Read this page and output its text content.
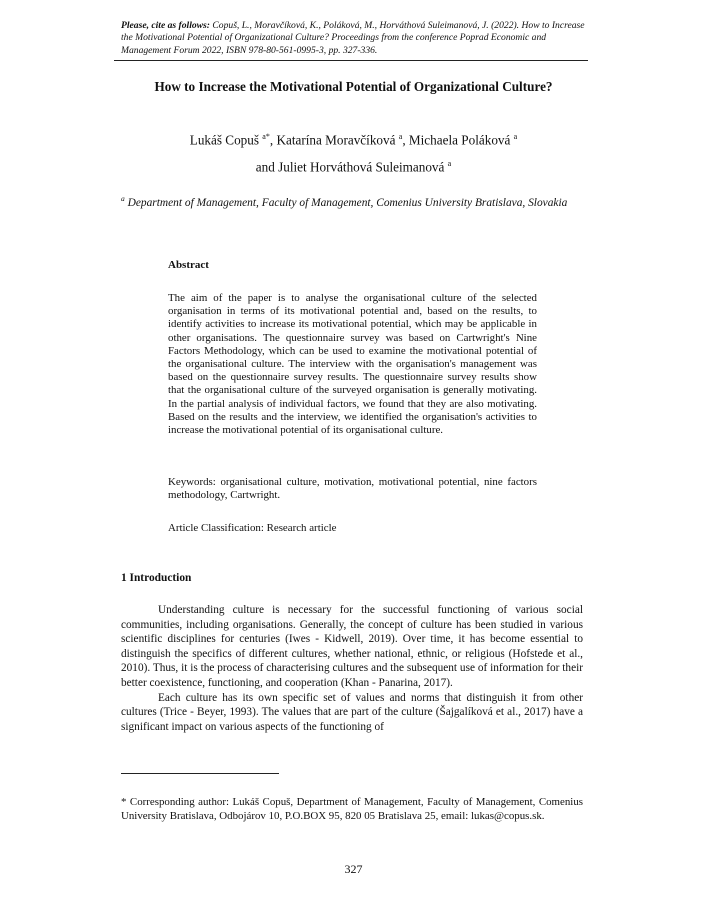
Please, cite as follows: Copuš, L., Moravčíková, K., Poláková, M., Horváthová Suleimanová, J. (2022). How to Increase the Motivational Potential of Organizational Culture? Proceedings from the conference Poprad Economic and Management Forum 2022, ISBN 978-80-561-0995-3, pp. 327-336.
How to Increase the Motivational Potential of Organizational Culture?
Lukáš Copuš $^{a*}$, Katarína Moravčíková $^a$, Michaela Poláková $^a$
and Juliet Horváthová Suleimanová $^a$
$^a$ Department of Management, Faculty of Management, Comenius University Bratislava, Slovakia
Abstract
The aim of the paper is to analyse the organisational culture of the selected organisation in terms of its motivational potential and, based on the results, to identify activities to increase its motivational potential, which may be applicable in other organisations. The questionnaire survey was based on Cartwright's Nine Factors Methodology, which can be used to examine the motivational potential of the organisational culture. The interview with the organisation's management was based on the questionnaire survey results. The questionnaire survey results show that the organisational culture of the surveyed organisation is generally motivating. In the partial analysis of individual factors, we found that they are also motivating. Based on the results and the interview, we identified the organisation's activities to increase the motivational potential of its organisational culture.
Keywords: organisational culture, motivation, motivational potential, nine factors methodology, Cartwright.
Article Classification: Research article
1 Introduction

Understanding culture is necessary for the successful functioning of various social communities, including organisations. Generally, the concept of culture has been studied in various scientific disciplines for centuries (Iwes - Kidwell, 2019). Over time, it has become essential to distinguish the specifics of different cultures, whether national, ethnic, or religious (Hofstede et al., 2010). Thus, it is the process of characterising cultures and the subsequent use of information for their better coexistence, functioning, and cooperation (Khan - Panarina, 2017).

Each culture has its own specific set of values and norms that distinguish it from other cultures (Trice - Beyer, 1993). The values that are part of the culture (Šajgalíková et al., 2017) have a significant impact on various aspects of the functioning of

* Corresponding author: Lukáš Copuš, Department of Management, Faculty of Management, Comenius University Bratislava, Odbojárov 10, P.O.BOX 95, 820 05 Bratislava 25, email: lukas@copus.sk.
327
